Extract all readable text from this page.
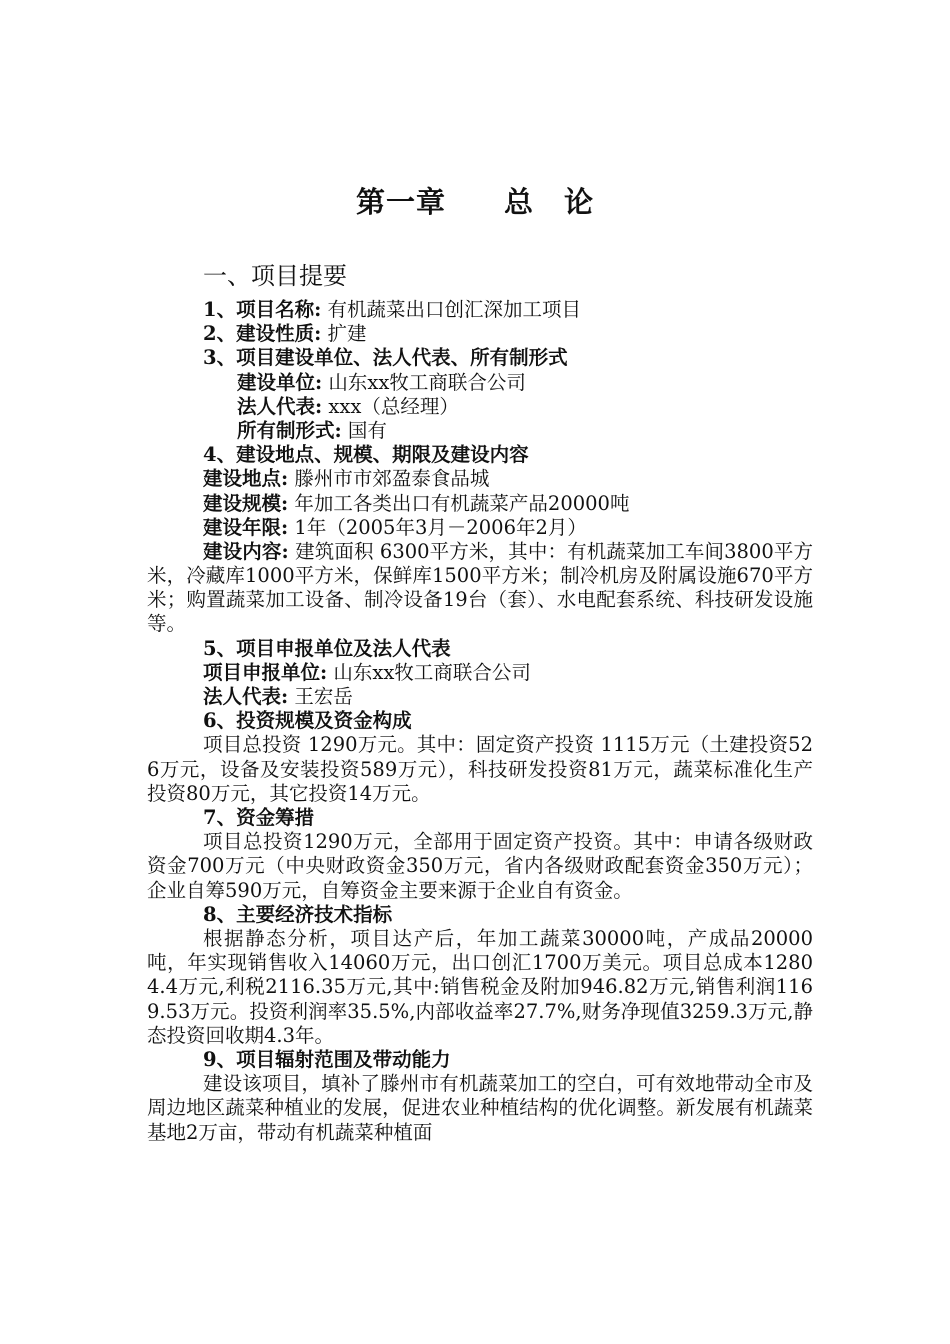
第一章 总　论
一、项目提要
1、项目名称: 有机蔬菜出口创汇深加工项目
2、建设性质: 扩建
3、项目建设单位、法人代表、所有制形式
建设单位: 山东xx牧工商联合公司
法人代表: xxx（总经理）
所有制形式: 国有
4、建设地点、规模、期限及建设内容
建设地点: 滕州市市郊盈泰食品城
建设规模: 年加工各类出口有机蔬菜产品20000吨
建设年限: 1年（2005年3月－2006年2月）
建设内容: 建筑面积 6300平方米，其中：有机蔬菜加工车间3800平方米，冷藏库1000平方米，保鲜库1500平方米；制冷机房及附属设施670平方米；购置蔬菜加工设备、制冷设备19台（套）、水电配套系统、科技研发设施等。
5、项目申报单位及法人代表
项目申报单位: 山东xx牧工商联合公司
法人代表: 王宏岳
6、投资规模及资金构成
项目总投资 1290万元。其中：固定资产投资 1115万元（土建投资526万元，设备及安装投资589万元），科技研发投资81万元，蔬菜标准化生产投资80万元，其它投资14万元。
7、资金筹措
项目总投资1290万元，全部用于固定资产投资。其中：申请各级财政资金700万元（中央财政资金350万元，省内各级财政配套资金350万元）；企业自筹590万元，自筹资金主要来源于企业自有资金。
8、主要经济技术指标
根据静态分析，项目达产后，年加工蔬菜30000吨，产成品20000吨，年实现销售收入14060万元，出口创汇1700万美元。项目总成本12804.4万元,利税2116.35万元,其中:销售税金及附加946.82万元,销售利润1169.53万元。投资利润率35.5%,内部收益率27.7%,财务净现值3259.3万元,静态投资回收期4.3年。
9、项目辐射范围及带动能力
建设该项目，填补了滕州市有机蔬菜加工的空白，可有效地带动全市及周边地区蔬菜种植业的发展，促进农业种植结构的优化调整。新发展有机蔬菜基地2万亩，带动有机蔬菜种植面
